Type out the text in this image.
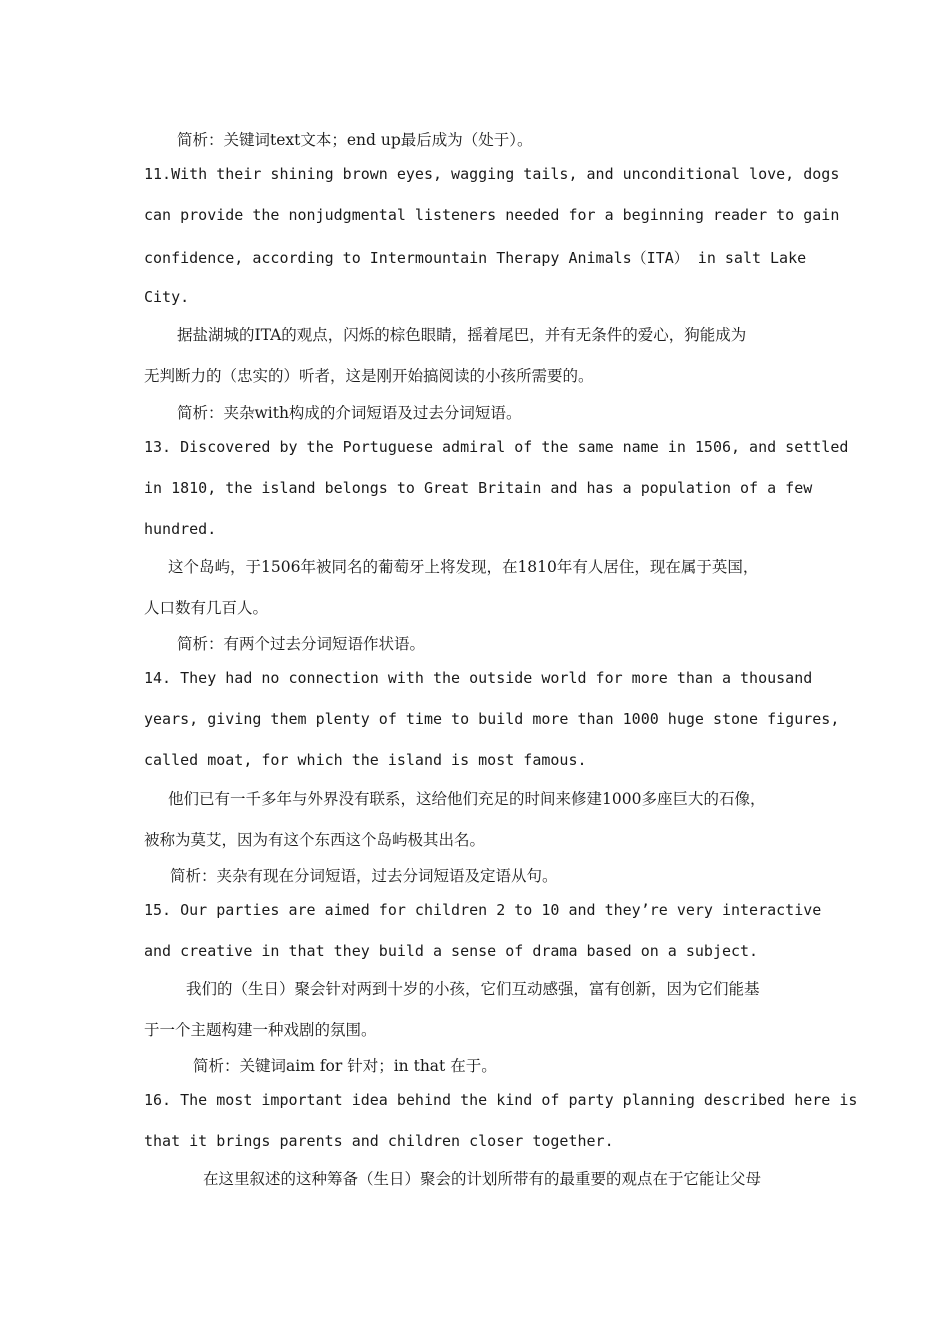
简析：关键词text文本；end up最后成为（处于）。
11.With their shining brown eyes, wagging tails, and unconditional love, dogs
can provide the nonjudgmental listeners needed for a beginning reader to gain
confidence, according to Intermountain Therapy Animals（ITA） in salt Lake
City.
据盐湖城的ITA的观点，闪烁的棕色眼睛，摇着尾巴，并有无条件的爱心，狗能成为
无判断力的（忠实的）听者，这是刚开始搞阅读的小孩所需要的。
简析：夹杂with构成的介词短语及过去分词短语。
13. Discovered by the Portuguese admiral of the same name in 1506, and settled
in 1810, the island belongs to Great Britain and has a population of a few
hundred.
这个岛屿，于1506年被同名的葡萄牙上将发现，在1810年有人居住，现在属于英国，
人口数有几百人。
简析：有两个过去分词短语作状语。
14. They had no connection with the outside world for more than a thousand
years, giving them plenty of time to build more than 1000 huge stone figures,
called moat, for which the island is most famous.
他们已有一千多年与外界没有联系，这给他们充足的时间来修建1000多座巨大的石像，
被称为莫艾，因为有这个东西这个岛屿极其出名。
简析：夹杂有现在分词短语，过去分词短语及定语从句。
15. Our parties are aimed for children 2 to 10 and they’re very interactive
and creative in that they build a sense of drama based on a subject.
我们的（生日）聚会针对两到十岁的小孩，它们互动感强，富有创新，因为它们能基
于一个主题构建一种戏剧的氛围。
简析：关键词aim for 针对；in that 在于。
16. The most important idea behind the kind of party planning described here is
that it brings parents and children closer together.
在这里叙述的这种筹备（生日）聚会的计划所带有的最重要的观点在于它能让父母
